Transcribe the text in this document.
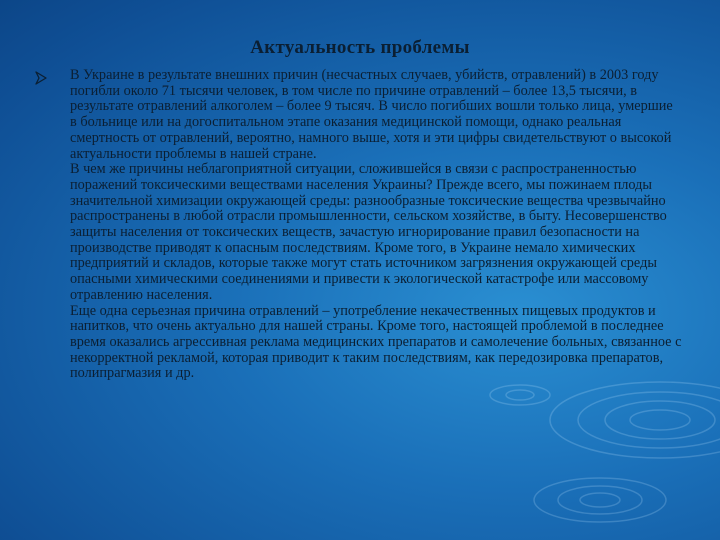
Актуальность проблемы

В Украине в результате внешних причин (несчастных случаев, убийств, отравлений) в 2003 году погибли около 71 тысячи человек, в том числе по причине отравлений – более 13,5 тысячи, в результате отравлений алкоголем – более 9 тысяч. В число погибших вошли только лица, умершие в больнице или на догоспитальном этапе оказания медицинской помощи, однако реальная смертность от отравлений, вероятно, намного выше, хотя и эти цифры свидетельствуют о высокой актуальности проблемы в нашей стране.

В чем же причины неблагоприятной ситуации, сложившейся в связи с распространенностью поражений токсическими веществами населения Украины? Прежде всего, мы пожинаем плоды значительной химизации окружающей среды: разнообразные токсические вещества чрезвычайно распространены в любой отрасли промышленности, сельском хозяйстве, в быту. Несовершенство защиты населения от токсических веществ, зачастую игнорирование правил безопасности на производстве приводят к опасным последствиям. Кроме того, в Украине немало химических предприятий и складов, которые также могут стать источником загрязнения окружающей среды опасными химическими соединениями и привести к экологической катастрофе или массовому отравлению населения.

Еще одна серьезная причина отравлений – употребление некачественных пищевых продуктов и напитков, что очень актуально для нашей страны. Кроме того, настоящей проблемой в последнее время оказались агрессивная реклама медицинских препаратов и самолечение больных, связанное с некорректной рекламой, которая приводит к таким последствиям, как передозировка препаратов, полипрагмазия и др.
